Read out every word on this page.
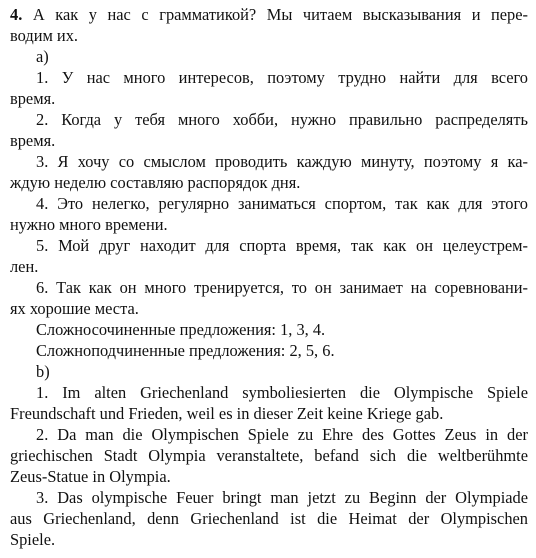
4. А как у нас с грамматикой? Мы читаем высказывания и пере-
водим их.
а)
1. У нас много интересов, поэтому трудно найти для всего
время.
2. Когда у тебя много хобби, нужно правильно распределять
время.
3. Я хочу со смыслом проводить каждую минуту, поэтому я ка-
ждую неделю составляю распорядок дня.
4. Это нелегко, регулярно заниматься спортом, так как для этого
нужно много времени.
5. Мой друг находит для спорта время, так как он целеустрем-
лен.
6. Так как он много тренируется, то он занимает на соревновани-
ях хорошие места.
Сложносочиненные предложения: 1, 3, 4.
Сложноподчиненные предложения: 2, 5, 6.
b)
1. Im alten Griechenland symboliesierten die Olympische Spiele
Freundschaft und Frieden, weil es in dieser Zeit keine Kriege gab.
2. Da man die Olympischen Spiele zu Ehre des Gottes Zeus in der
griechischen Stadt Olympia veranstaltete, befand sich die weltberühmte
Zeus-Statue in Olympia.
3. Das olympische Feuer bringt man jetzt zu Beginn der Olympiade
aus Griechenland, denn Griechenland ist die Heimat der Olympischen
Spiele.
